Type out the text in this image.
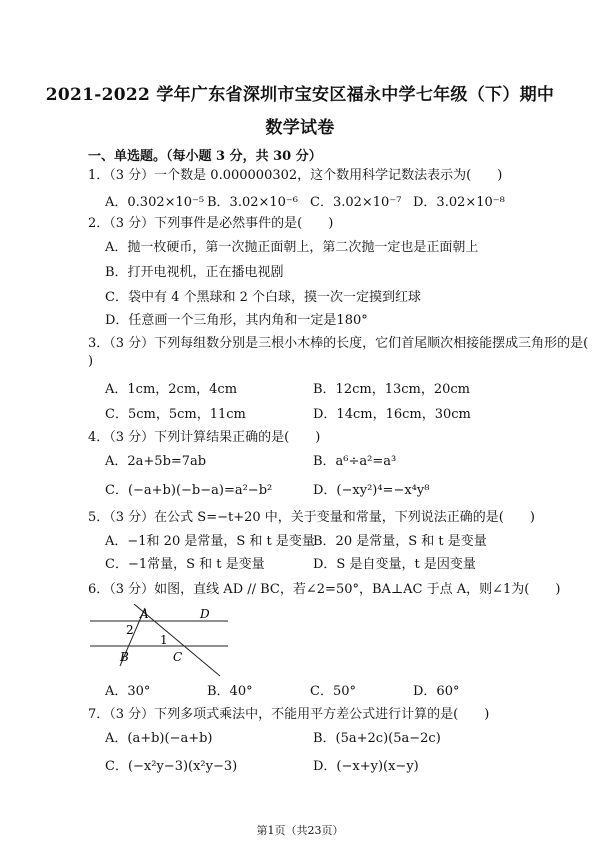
2021-2022 学年广东省深圳市宝安区福永中学七年级（下）期中
数学试卷
一、单选题。（每小题 3 分，共 30 分）
1．（3 分）一个数是 0.000000302，这个数用科学记数法表示为(　　)
A．0.302×10⁻⁵ B．3.02×10⁻⁶ C．3.02×10⁻⁷ D．3.02×10⁻⁸
2．（3 分）下列事件是必然事件的是(　　)
A．抛一枚硬币，第一次抛正面朝上，第二次抛一定也是正面朝上
B．打开电视机，正在播电视剧
C．袋中有 4 个黑球和 2 个白球，摸一次一定摸到红球
D．任意画一个三角形，其内角和一定是180°
3．（3 分）下列每组数分别是三根小木棒的长度，它们首尾顺次相接能摆成三角形的是(
)
A．1cm，2cm，4cm	B．12cm，13cm，20cm
C．5cm，5cm，11cm	D．14cm，16cm，30cm
4．（3 分）下列计算结果正确的是(　　)
A．2a+5b=7ab	B．a⁶÷a²=a³
C．(−a+b)(−b−a)=a²−b²	D．(−xy²)⁴=−x⁴y⁸
5．（3 分）在公式 S=−t+20 中，关于变量和常量，下列说法正确的是(　　)
A．−1和 20 是常量，S 和 t 是变量
B．20 是常量，S 和 t 是变量
C．−1常量，S 和 t 是变量	D．S 是自变量，t 是因变量
6．（3 分）如图，直线 AD // BC，若∠2=50°，BA⊥AC 于点 A，则∠1为(　　)
A	D
B	C
2
1
A．30°	B．40°	C．50°	D．60°
7．（3 分）下列多项式乘法中，不能用平方差公式进行计算的是(　　)
A．(a+b)(−a+b)	B．(5a+2c)(5a−2c)
C．(−x²y−3)(x²y−3)	D．(−x+y)(x−y)
第1页（共23页）
